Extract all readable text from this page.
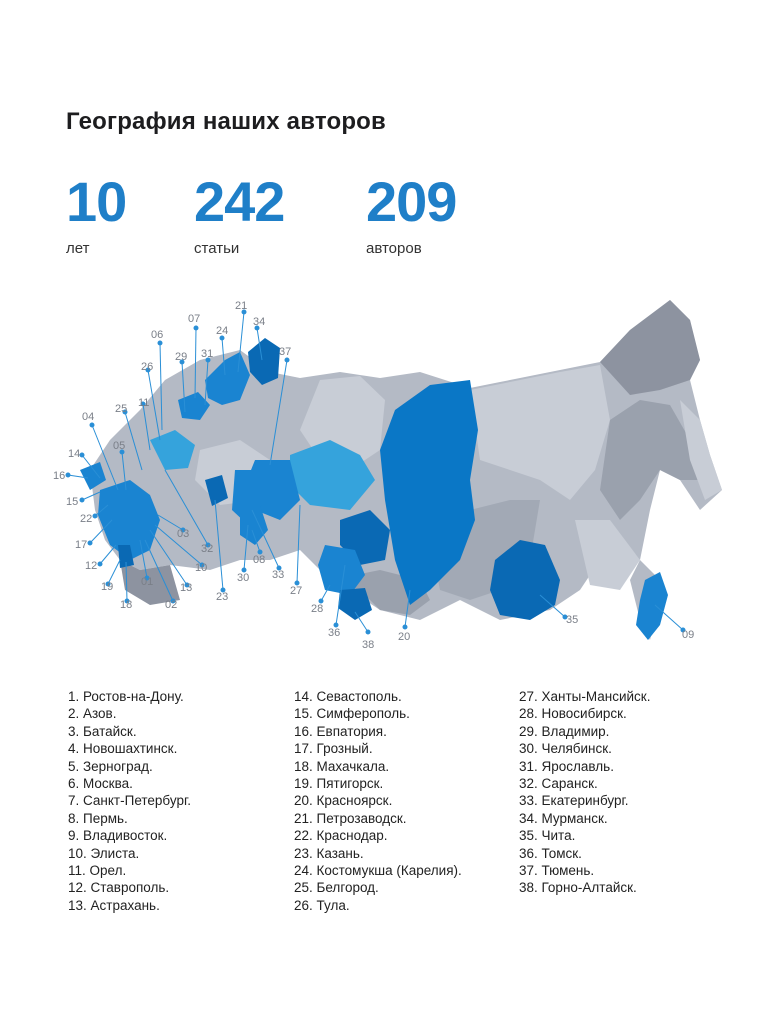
География наших авторов
10
лет
242
статьи
209
авторов
21
34
24
07
37
06
29 31
26
11
25
04
05
14
16
15
22
17
12
19
18
01
02
13
10
32
03
23
30
08
33
27
28
36
38
20
35
09
1. Ростов-на-Дону.
2. Азов.
3. Батайск.
4. Новошахтинск.
5. Зерноград.
6. Москва.
7. Санкт-Петербург.
8. Пермь.
9. Владивосток.
10. Элиста.
11. Орел.
12. Ставрополь.
13. Астрахань.
14. Севастополь.
15. Симферополь.
16. Евпатория.
17. Грозный.
18. Махачкала.
19. Пятигорск.
20. Красноярск.
21. Петрозаводск.
22. Краснодар.
23. Казань.
24. Костомукша (Карелия).
25. Белгород.
26. Тула.
27. Ханты-Мансийск.
28. Новосибирск.
29. Владимир.
30. Челябинск.
31. Ярославль.
32. Саранск.
33. Екатеринбург.
34. Мурманск.
35. Чита.
36. Томск.
37. Тюмень.
38. Горно-Алтайск.
